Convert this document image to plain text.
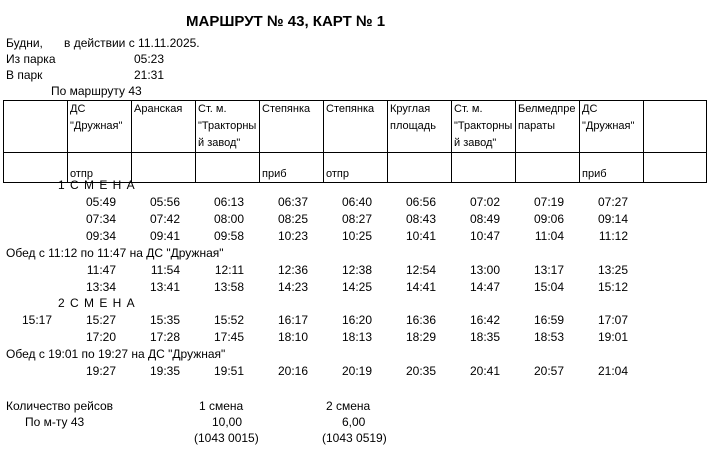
МАРШРУТ № 43, КАРТ № 1
Будни, в действии с 11.11.2025.
Из парка	05:23
В парк	21:31
По маршруту 43
	ДС "Дружная"	Аранская	Ст. м. "Тракторны й завод"	Степянка	Степянка	Круглая площадь	Ст. м. "Тракторны й завод"	Белмедпре параты	ДС "Дружная"	
	отпр			приб	отпр				приб	
1 С М Е Н А
05:49	05:56	06:13	06:37	06:40	06:56	07:02	07:19	07:27
07:34	07:42	08:00	08:25	08:27	08:43	08:49	09:06	09:14
09:34	09:41	09:58	10:23	10:25	10:41	10:47	11:04	11:12
11:47	11:54	12:11	12:36	12:38	12:54	13:00	13:17	13:25
13:34	13:41	13:58	14:23	14:25	14:41	14:47	15:04	15:12
Обед с 11:12 по 11:47 на ДС "Дружная"
2 С М Е Н А
15:17	15:27	15:35	15:52	16:17	16:20	16:36	16:42	16:59	17:07
17:20	17:28	17:45	18:10	18:13	18:29	18:35	18:53	19:01
19:27	19:35	19:51	20:16	20:19	20:35	20:41	20:57	21:04
Обед с 19:01 по 19:27 на ДС "Дружная"
Количество рейсов	1 смена	2 смена
По м-ту 43	10,00	6,00
(1043 0015)	(1043 0519)
